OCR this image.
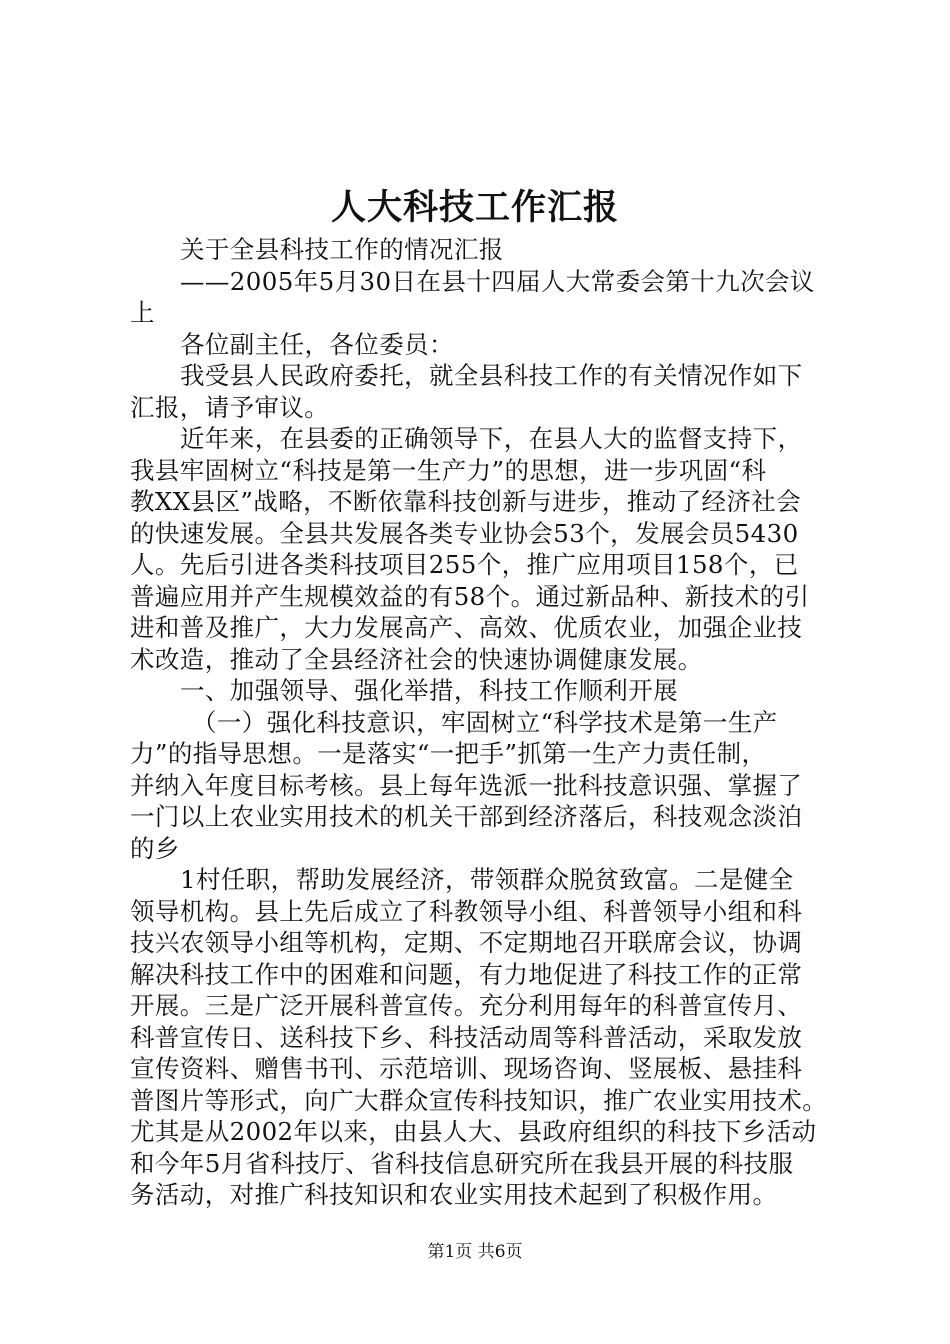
人大科技工作汇报
关于全县科技工作的情况汇报
——2005年5月30日在县十四届人大常委会第十九次会议
上
各位副主任，各位委员：
我受县人民政府委托，就全县科技工作的有关情况作如下
汇报，请予审议。
近年来，在县委的正确领导下，在县人大的监督支持下，
我县牢固树立“科技是第一生产力”的思想，进一步巩固“科
教XX县区”战略，不断依靠科技创新与进步，推动了经济社会
的快速发展。全县共发展各类专业协会53个，发展会员5430
人。先后引进各类科技项目255个，推广应用项目158个，已
普遍应用并产生规模效益的有58个。通过新品种、新技术的引
进和普及推广，大力发展高产、高效、优质农业，加强企业技
术改造，推动了全县经济社会的快速协调健康发展。
一、加强领导、强化举措，科技工作顺利开展
（一）强化科技意识，牢固树立“科学技术是第一生产
力”的指导思想。一是落实“一把手”抓第一生产力责任制，
并纳入年度目标考核。县上每年选派一批科技意识强、掌握了
一门以上农业实用技术的机关干部到经济落后，科技观念淡泊
的乡
1村任职，帮助发展经济，带领群众脱贫致富。二是健全
领导机构。县上先后成立了科教领导小组、科普领导小组和科
技兴农领导小组等机构，定期、不定期地召开联席会议，协调
解决科技工作中的困难和问题，有力地促进了科技工作的正常
开展。三是广泛开展科普宣传。充分利用每年的科普宣传月、
科普宣传日、送科技下乡、科技活动周等科普活动，采取发放
宣传资料、赠售书刊、示范培训、现场咨询、竖展板、悬挂科
普图片等形式，向广大群众宣传科技知识，推广农业实用技术。
尤其是从2002年以来，由县人大、县政府组织的科技下乡活动
和今年5月省科技厅、省科技信息研究所在我县开展的科技服
务活动，对推广科技知识和农业实用技术起到了积极作用。
第1页 共6页
